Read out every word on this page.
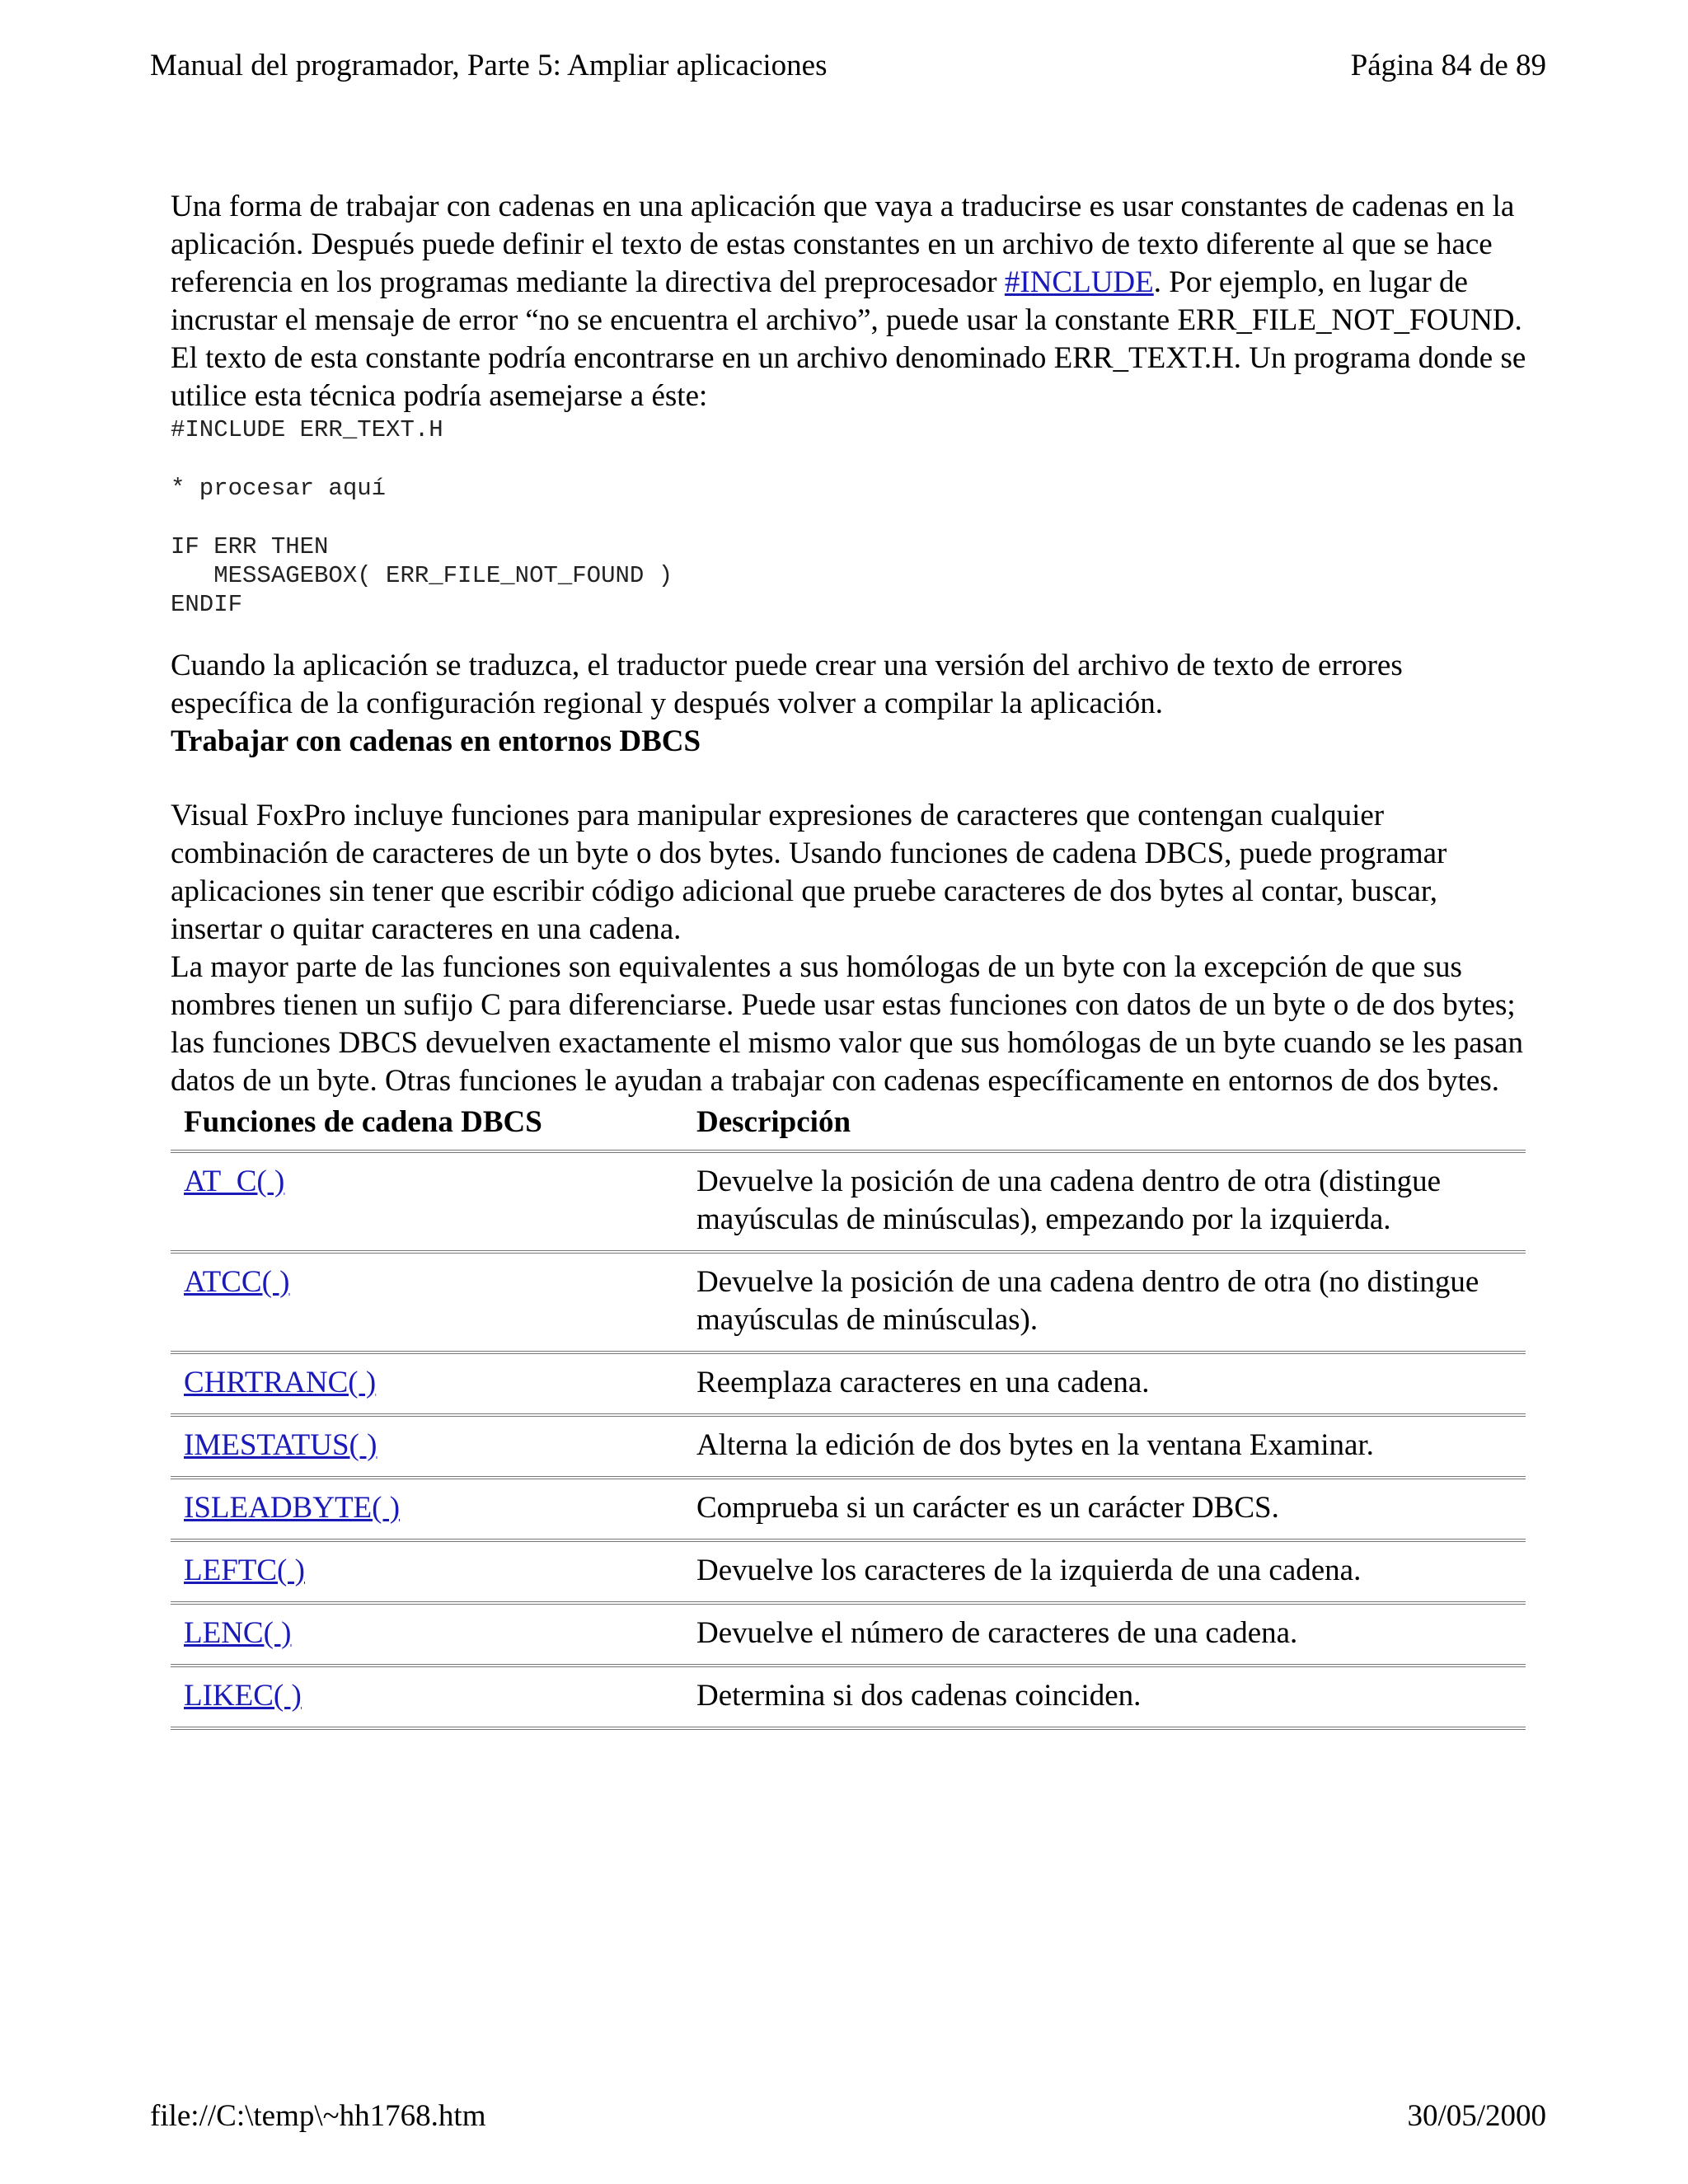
Manual del programador, Parte 5: Ampliar aplicaciones	Página 84 de 89

Una forma de trabajar con cadenas en una aplicación que vaya a traducirse es usar constantes de cadenas en la aplicación. Después puede definir el texto de estas constantes en un archivo de texto diferente al que se hace referencia en los programas mediante la directiva del preprocesador #INCLUDE. Por ejemplo, en lugar de incrustar el mensaje de error “no se encuentra el archivo”, puede usar la constante ERR_FILE_NOT_FOUND. El texto de esta constante podría encontrarse en un archivo denominado ERR_TEXT.H. Un programa donde se utilice esta técnica podría asemejarse a éste:

#INCLUDE ERR_TEXT.H
* procesar aquí
IF ERR THEN
MESSAGEBOX( ERR_FILE_NOT_FOUND )
ENDIF

Cuando la aplicación se traduzca, el traductor puede crear una versión del archivo de texto de errores específica de la configuración regional y después volver a compilar la aplicación.

Trabajar con cadenas en entornos DBCS

Visual FoxPro incluye funciones para manipular expresiones de caracteres que contengan cualquier combinación de caracteres de un byte o dos bytes. Usando funciones de cadena DBCS, puede programar aplicaciones sin tener que escribir código adicional que pruebe caracteres de dos bytes al contar, buscar, insertar o quitar caracteres en una cadena.

La mayor parte de las funciones son equivalentes a sus homólogas de un byte con la excepción de que sus nombres tienen un sufijo C para diferenciarse. Puede usar estas funciones con datos de un byte o de dos bytes; las funciones DBCS devuelven exactamente el mismo valor que sus homólogas de un byte cuando se les pasan datos de un byte. Otras funciones le ayudan a trabajar con cadenas específicamente en entornos de dos bytes.

Funciones de cadena DBCS	Descripción
AT_C( )	Devuelve la posición de una cadena dentro de otra (distingue mayúsculas de minúsculas), empezando por la izquierda.
ATCC( )	Devuelve la posición de una cadena dentro de otra (no distingue mayúsculas de minúsculas).
CHRTRANC( )	Reemplaza caracteres en una cadena.
IMESTATUS( )	Alterna la edición de dos bytes en la ventana Examinar.
ISLEADBYTE( )	Comprueba si un carácter es un carácter DBCS.
LEFTC( )	Devuelve los caracteres de la izquierda de una cadena.
LENC( )	Devuelve el número de caracteres de una cadena.
LIKEC( )	Determina si dos cadenas coinciden.
file://C:\temp\~hh1768.htm	30/05/2000
